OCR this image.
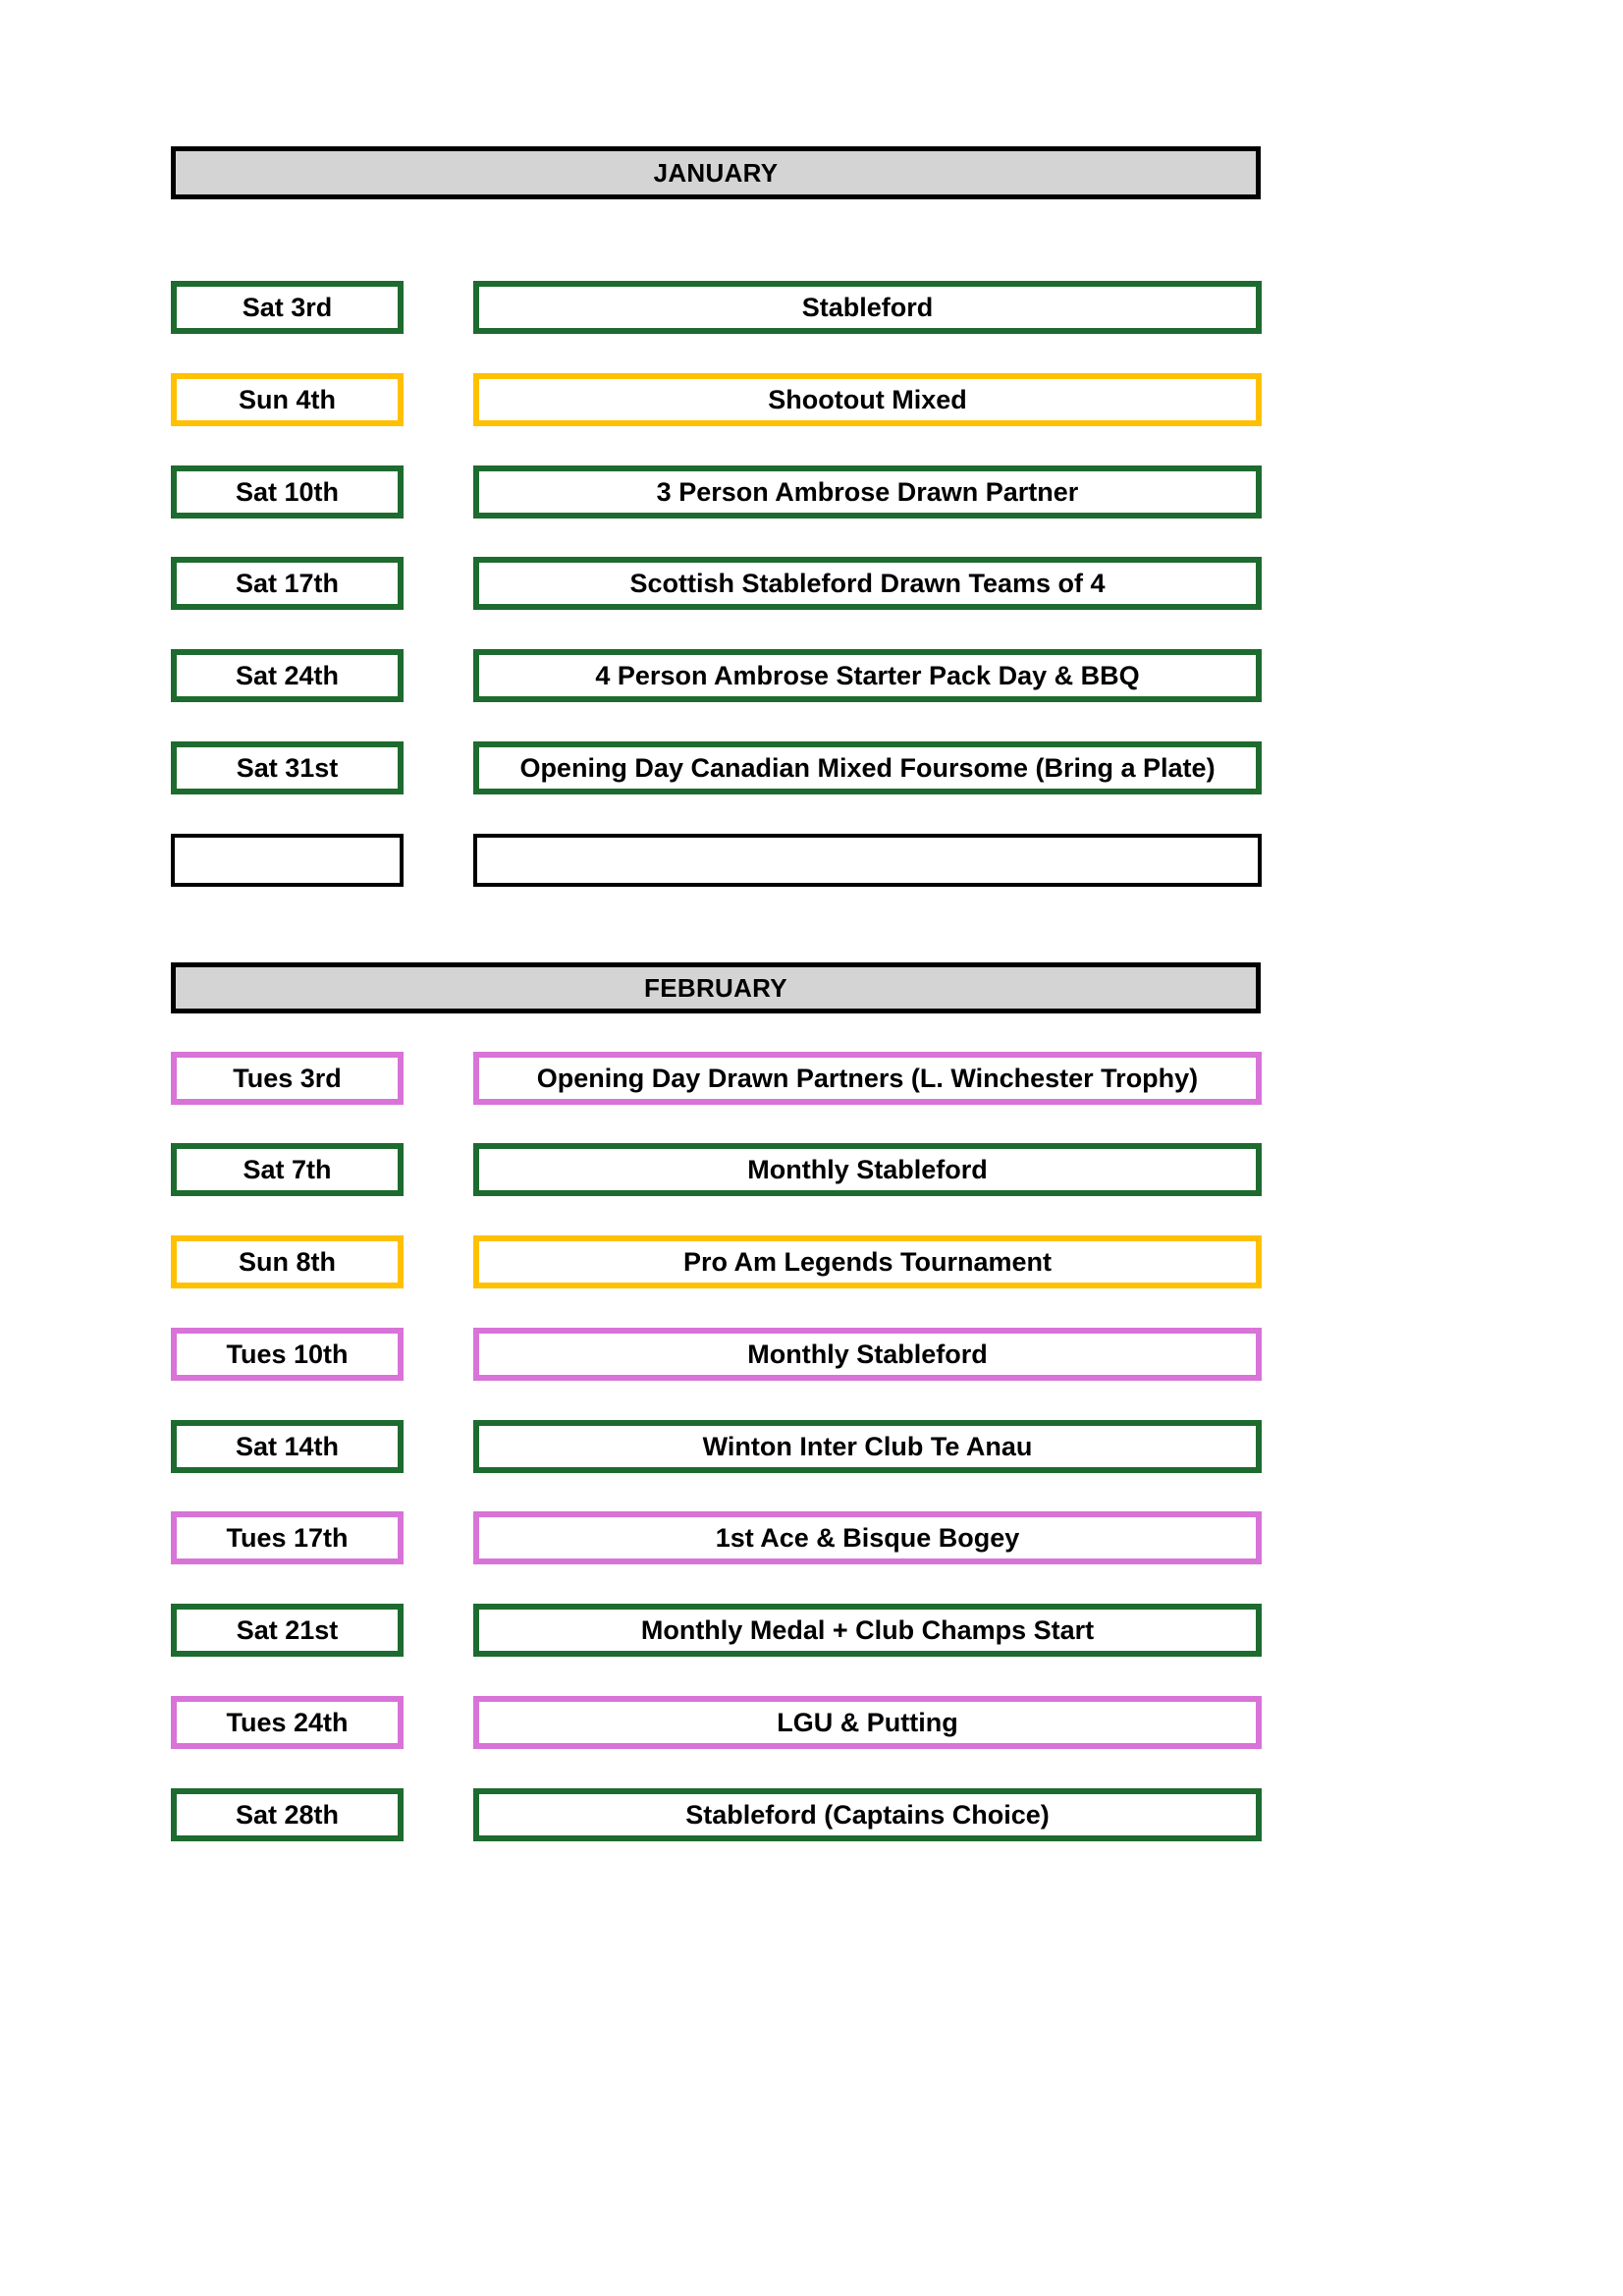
JANUARY
Sat 3rd	Stableford
Sun 4th	Shootout Mixed
Sat 10th	3 Person Ambrose Drawn Partner
Sat 17th	Scottish Stableford Drawn Teams of 4
Sat 24th	4 Person Ambrose Starter Pack Day & BBQ
Sat 31st	Opening Day Canadian Mixed Foursome (Bring a Plate)
FEBRUARY
Tues 3rd	Opening Day Drawn Partners (L. Winchester Trophy)
Sat 7th	Monthly Stableford
Sun 8th	Pro Am Legends Tournament
Tues 10th	Monthly Stableford
Sat 14th	Winton Inter Club Te Anau
Tues 17th	1st Ace & Bisque Bogey
Sat 21st	Monthly Medal + Club Champs Start
Tues 24th	LGU & Putting
Sat 28th	Stableford (Captains Choice)
